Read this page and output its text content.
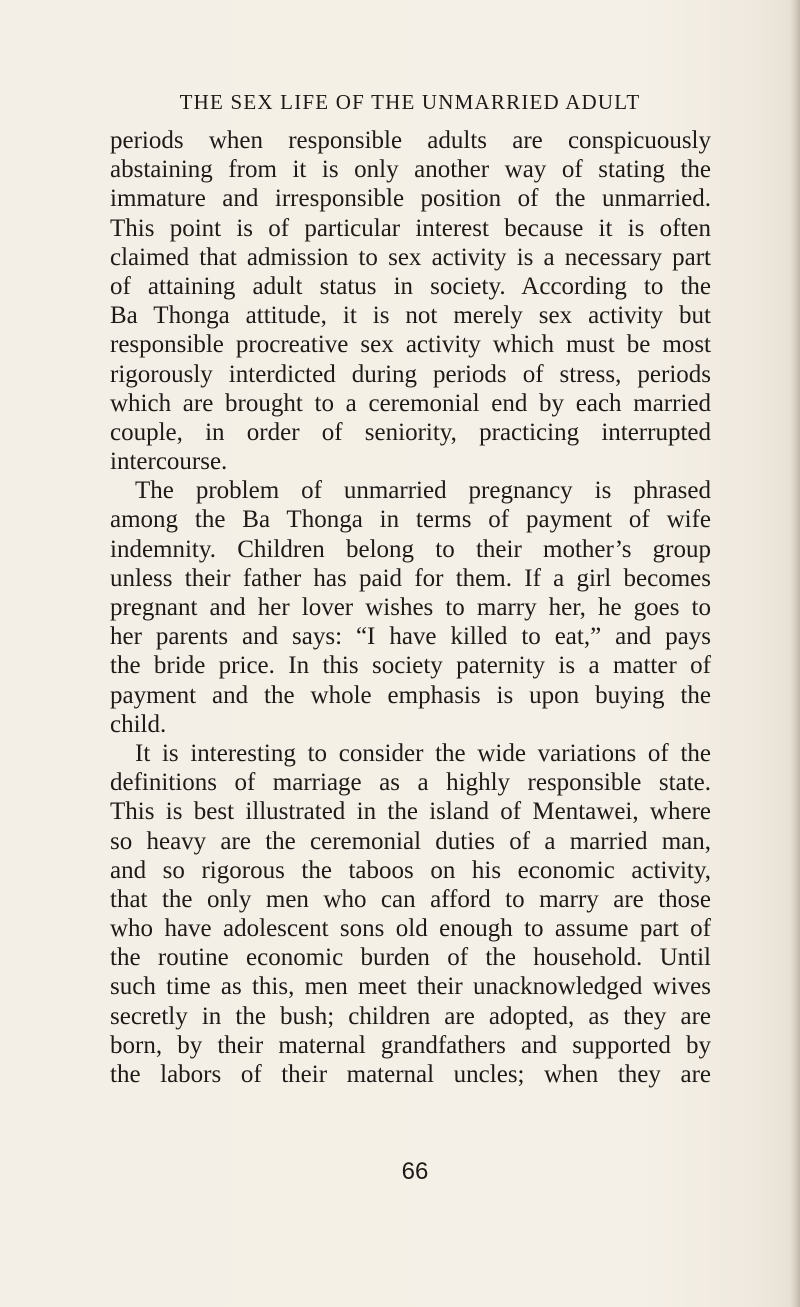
THE SEX LIFE OF THE UNMARRIED ADULT
periods when responsible adults are conspicuously
abstaining from it is only another way of stating the
immature and irresponsible position of the unmarried.
This point is of particular interest because it is often
claimed that admission to sex activity is a necessary part
of attaining adult status in society. According to the
Ba Thonga attitude, it is not merely sex activity but
responsible procreative sex activity which must be most
rigorously interdicted during periods of stress, periods
which are brought to a ceremonial end by each married
couple, in order of seniority, practicing interrupted
intercourse.
The problem of unmarried pregnancy is phrased
among the Ba Thonga in terms of payment of wife
indemnity. Children belong to their mother’s group
unless their father has paid for them. If a girl becomes
pregnant and her lover wishes to marry her, he goes to
her parents and says: “I have killed to eat,” and pays
the bride price. In this society paternity is a matter of
payment and the whole emphasis is upon buying the
child.
It is interesting to consider the wide variations of the
definitions of marriage as a highly responsible state.
This is best illustrated in the island of Mentawei, where
so heavy are the ceremonial duties of a married man,
and so rigorous the taboos on his economic activity,
that the only men who can afford to marry are those
who have adolescent sons old enough to assume part of
the routine economic burden of the household. Until
such time as this, men meet their unacknowledged wives
secretly in the bush; children are adopted, as they are
born, by their maternal grandfathers and supported by
the labors of their maternal uncles; when they are
66
